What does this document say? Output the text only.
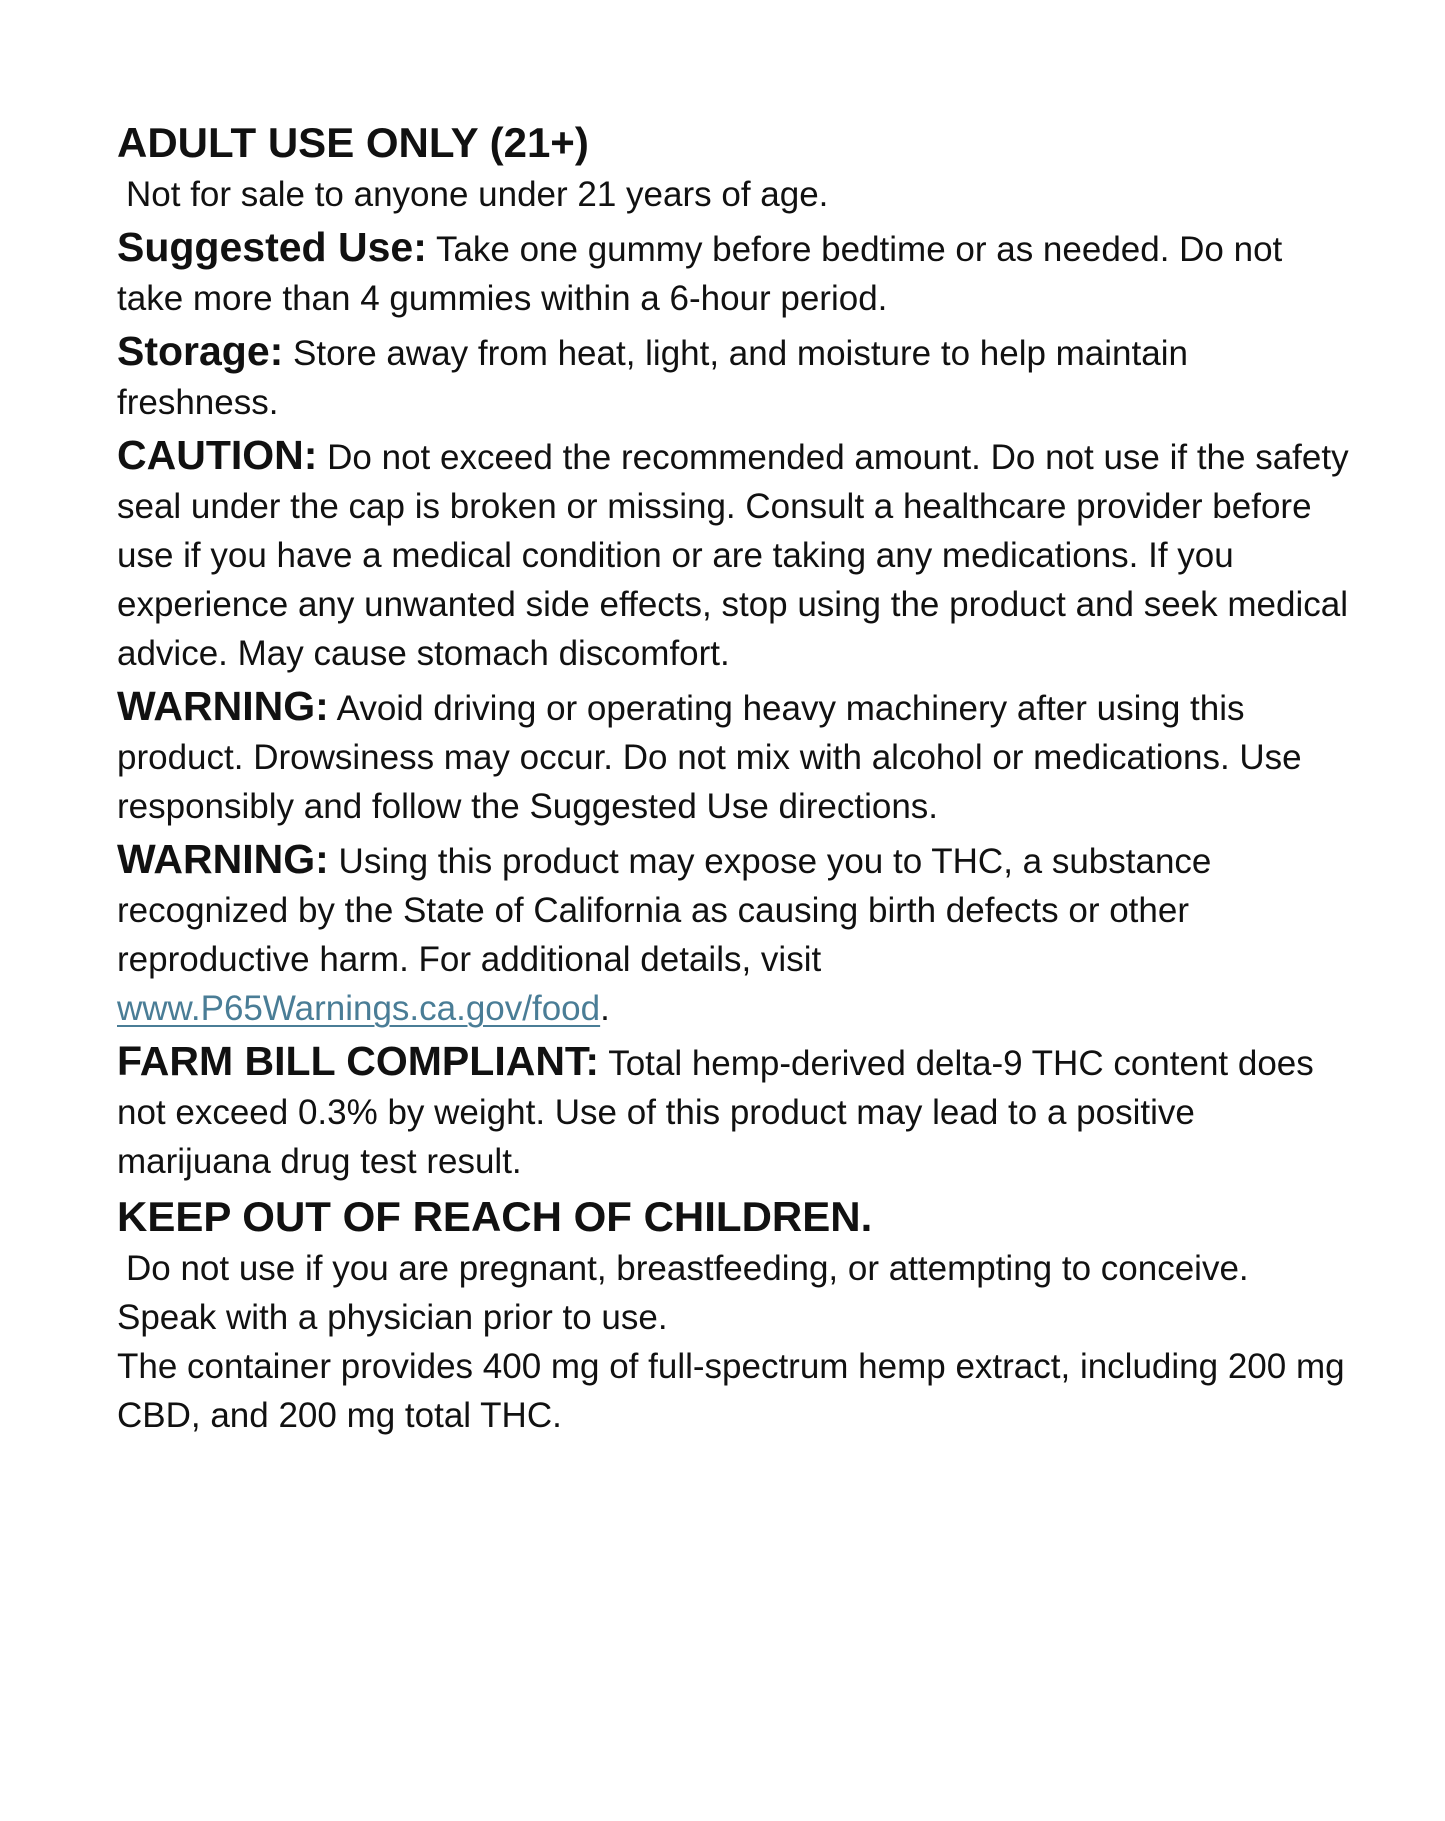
ADULT USE ONLY (21+)
Not for sale to anyone under 21 years of age.
Suggested Use: Take one gummy before bedtime or as needed. Do not take more than 4 gummies within a 6-hour period.
Storage: Store away from heat, light, and moisture to help maintain freshness.
CAUTION: Do not exceed the recommended amount. Do not use if the safety seal under the cap is broken or missing. Consult a healthcare provider before use if you have a medical condition or are taking any medications. If you experience any unwanted side effects, stop using the product and seek medical advice. May cause stomach discomfort.
WARNING: Avoid driving or operating heavy machinery after using this product. Drowsiness may occur. Do not mix with alcohol or medications. Use responsibly and follow the Suggested Use directions.
WARNING: Using this product may expose you to THC, a substance recognized by the State of California as causing birth defects or other reproductive harm. For additional details, visit
www.P65Warnings.ca.gov/food.
FARM BILL COMPLIANT: Total hemp-derived delta-9 THC content does not exceed 0.3% by weight. Use of this product may lead to a positive marijuana drug test result.
KEEP OUT OF REACH OF CHILDREN.
Do not use if you are pregnant, breastfeeding, or attempting to conceive. Speak with a physician prior to use.
The container provides 400 mg of full-spectrum hemp extract, including 200 mg CBD, and 200 mg total THC.
